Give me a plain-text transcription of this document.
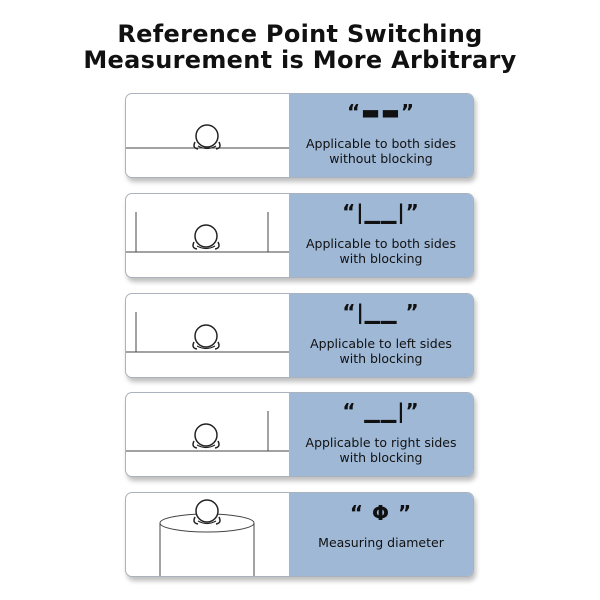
Reference Point Switching
Measurement is More Arbitrary
“▬▬”
Applicable to both sides
without blocking
“|▁▁|”
Applicable to both sides
with blocking
“|▁▁ ”
Applicable to left sides
with blocking
“ ▁▁|”
Applicable to right sides
with blocking
“ Φ ”
Measuring diameter
